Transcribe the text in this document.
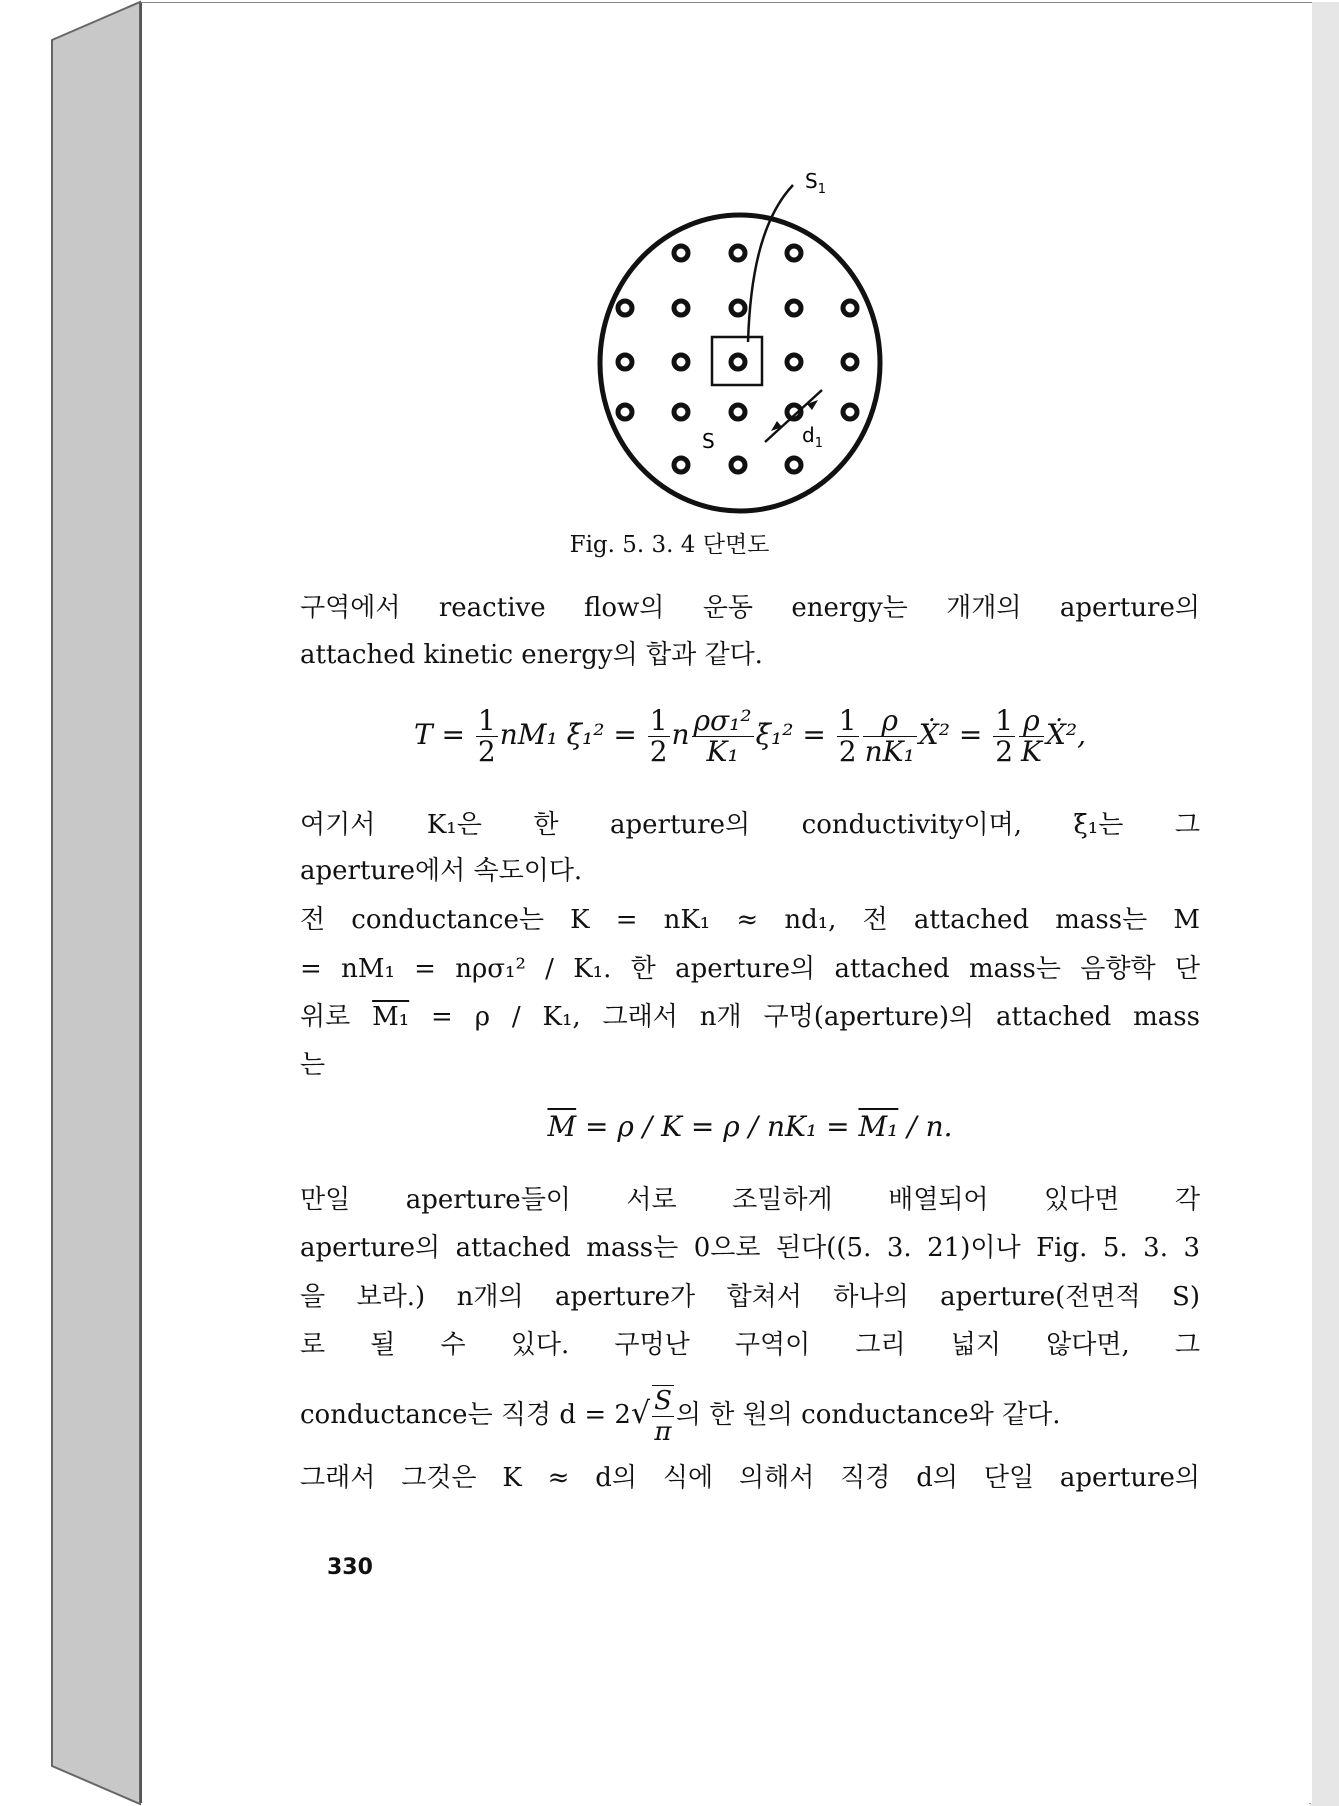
$S_1$
S	$d_1$
Fig. 5. 3. 4 단면도
구역에서 reactive flow의 운동 energy는 개개의 aperture의
attached kinetic energy의 합과 같다.
$T = \frac{1}{2} nM_1$ ξ̇₁² = $\frac{1}{2}$ n $\frac{\text{ρσ₁²}}{\text{K₁}}$ ξ̇₁² = $\frac{1}{2} \frac{\rho}{\text{nK₁}}$ Ẋ² = $\frac{1}{2} \frac{\rho}{K}$ Ẋ²,
여기서 K₁은 한 aperture의 conductivity이며, ξ̇₁는 그
aperture에서 속도이다.
전 conductance는 K = nK₁ ≈ nd₁, 전 attached mass는 M
= nM₁ = nρσ₁² / K₁. 한 aperture의 attached mass는 음향학 단
위로 M₁ = ρ / K₁, 그래서 n개 구멍(aperture)의 attached mass
는
$\overline{M} = \rho / K = \rho / nK_1 = M_1 / n$.
만일 aperture들이 서로 조밀하게 배열되어 있다면 각
aperture의 attached mass는 0으로 된다((5. 3. 21)이나 Fig. 5. 3. 3
을 보라.) n개의 aperture가 합쳐서 하나의 aperture(전면적 S)
로 될 수 있다. 구멍난 구역이 그리 넓지 않다면, 그
conductance는 직경 $d = 2√ \frac{S}{\pi}$ 의 한 원의 conductance와 같다.
그래서 그것은 K ≈ d의 식에 의해서 직경 d의 단일 aperture의
330
